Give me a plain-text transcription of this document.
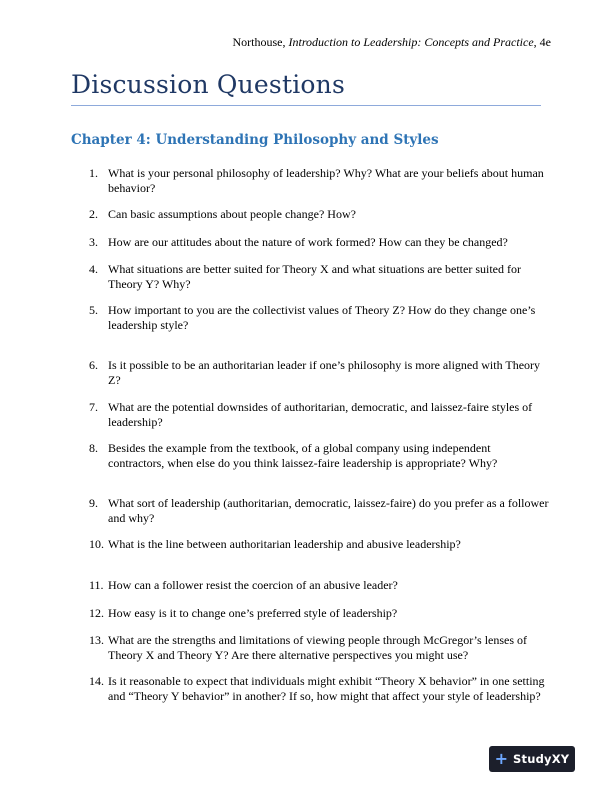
Northouse, Introduction to Leadership: Concepts and Practice, 4e
Discussion Questions
Chapter 4: Understanding Philosophy and Styles
1. What is your personal philosophy of leadership? Why? What are your beliefs about human behavior?
2. Can basic assumptions about people change? How?
3. How are our attitudes about the nature of work formed? How can they be changed?
4. What situations are better suited for Theory X and what situations are better suited for Theory Y? Why?
5. How important to you are the collectivist values of Theory Z? How do they change one’s leadership style?
6. Is it possible to be an authoritarian leader if one’s philosophy is more aligned with Theory Z?
7. What are the potential downsides of authoritarian, democratic, and laissez-faire styles of leadership?
8. Besides the example from the textbook, of a global company using independent contractors, when else do you think laissez-faire leadership is appropriate? Why?
9. What sort of leadership (authoritarian, democratic, laissez-faire) do you prefer as a follower and why?
10. What is the line between authoritarian leadership and abusive leadership?
11. How can a follower resist the coercion of an abusive leader?
12. How easy is it to change one’s preferred style of leadership?
13. What are the strengths and limitations of viewing people through McGregor’s lenses of Theory X and Theory Y? Are there alternative perspectives you might use?
14. Is it reasonable to expect that individuals might exhibit “Theory X behavior” in one setting and “Theory Y behavior” in another? If so, how might that affect your style of leadership?
+ StudyXY
